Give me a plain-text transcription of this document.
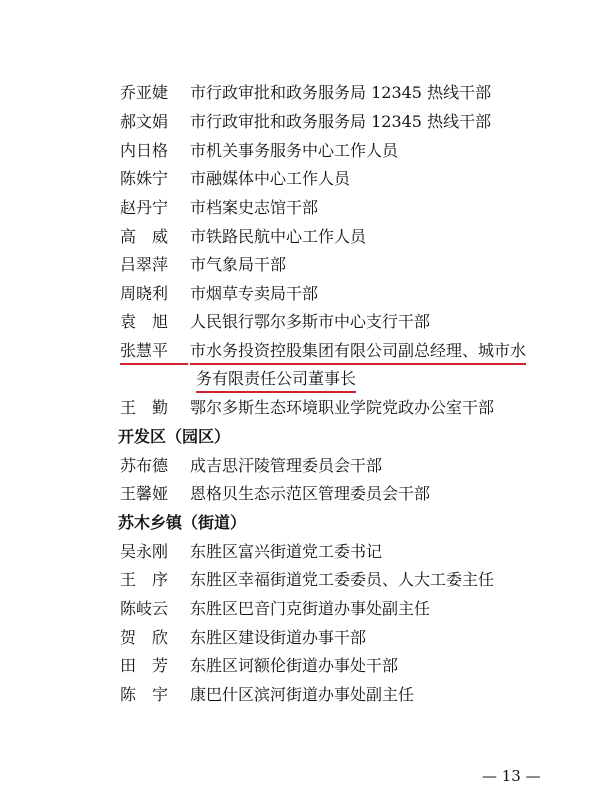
乔亚婕	市行政审批和政务服务局 12345 热线干部
郝文娟	市行政审批和政务服务局 12345 热线干部
内日格	市机关事务服务中心工作人员
陈姝宁	市融媒体中心工作人员
赵丹宁	市档案史志馆干部
高　威	市铁路民航中心工作人员
吕翠萍	市气象局干部
周晓利	市烟草专卖局干部
袁　旭	人民银行鄂尔多斯市中心支行干部
张慧平	市水务投资控股集团有限公司副总经理、城市水
务有限责任公司董事长
王　勤	鄂尔多斯生态环境职业学院党政办公室干部
开发区（园区）
苏布德	成吉思汗陵管理委员会干部
王馨娅	恩格贝生态示范区管理委员会干部
苏木乡镇（街道）
吴永刚	东胜区富兴街道党工委书记
王　序	东胜区幸福街道党工委委员、人大工委主任
陈岐云	东胜区巴音门克街道办事处副主任
贺　欣	东胜区建设街道办事干部
田　芳	东胜区诃额伦街道办事处干部
陈　宇	康巴什区滨河街道办事处副主任
— 13 —
